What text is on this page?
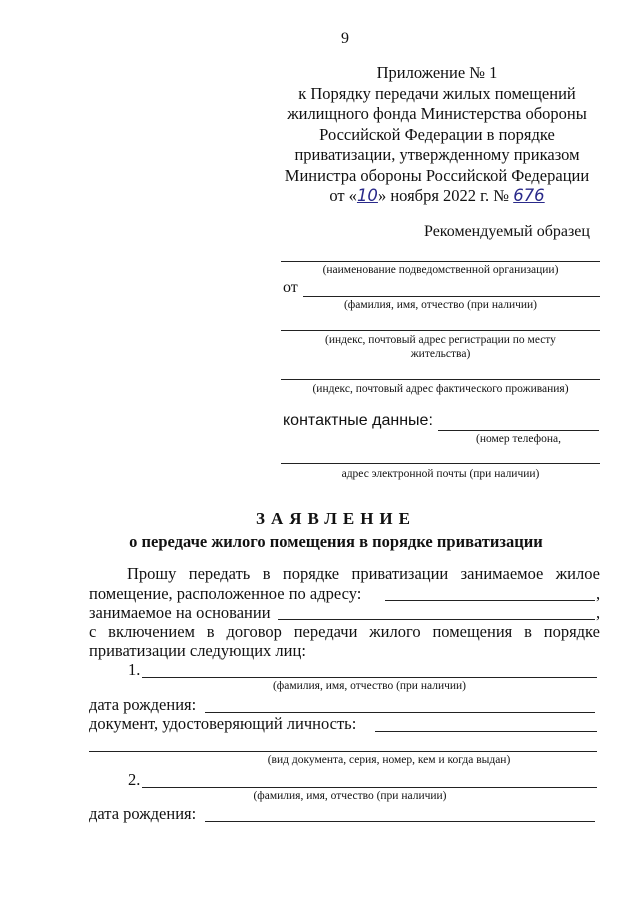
9
Приложение № 1
к Порядку передачи жилых помещений
жилищного фонда Министерства обороны
Российской Федерации в порядке
приватизации, утвержденному приказом
Министра обороны Российской Федерации
от «10» ноября 2022 г. № 676
Рекомендуемый образец
(наименование подведомственной организации)
от
(фамилия, имя, отчество (при наличии)
(индекс, почтовый адрес регистрации по месту
жительства)
(индекс, почтовый адрес фактического проживания)
контактные данные:
(номер телефона,
адрес электронной почты (при наличии)
ЗАЯВЛЕНИЕ
о передаче жилого помещения в порядке приватизации
Прошу передать в порядке приватизации занимаемое жилое
помещение, расположенное по адресу:	,
занимаемое на основании	,
с включением в договор передачи жилого помещения в порядке
приватизации следующих лиц:
1.
(фамилия, имя, отчество (при наличии)
дата рождения:
документ, удостоверяющий личность:
(вид документа, серия, номер, кем и когда выдан)
2.
(фамилия, имя, отчество (при наличии)
дата рождения:
